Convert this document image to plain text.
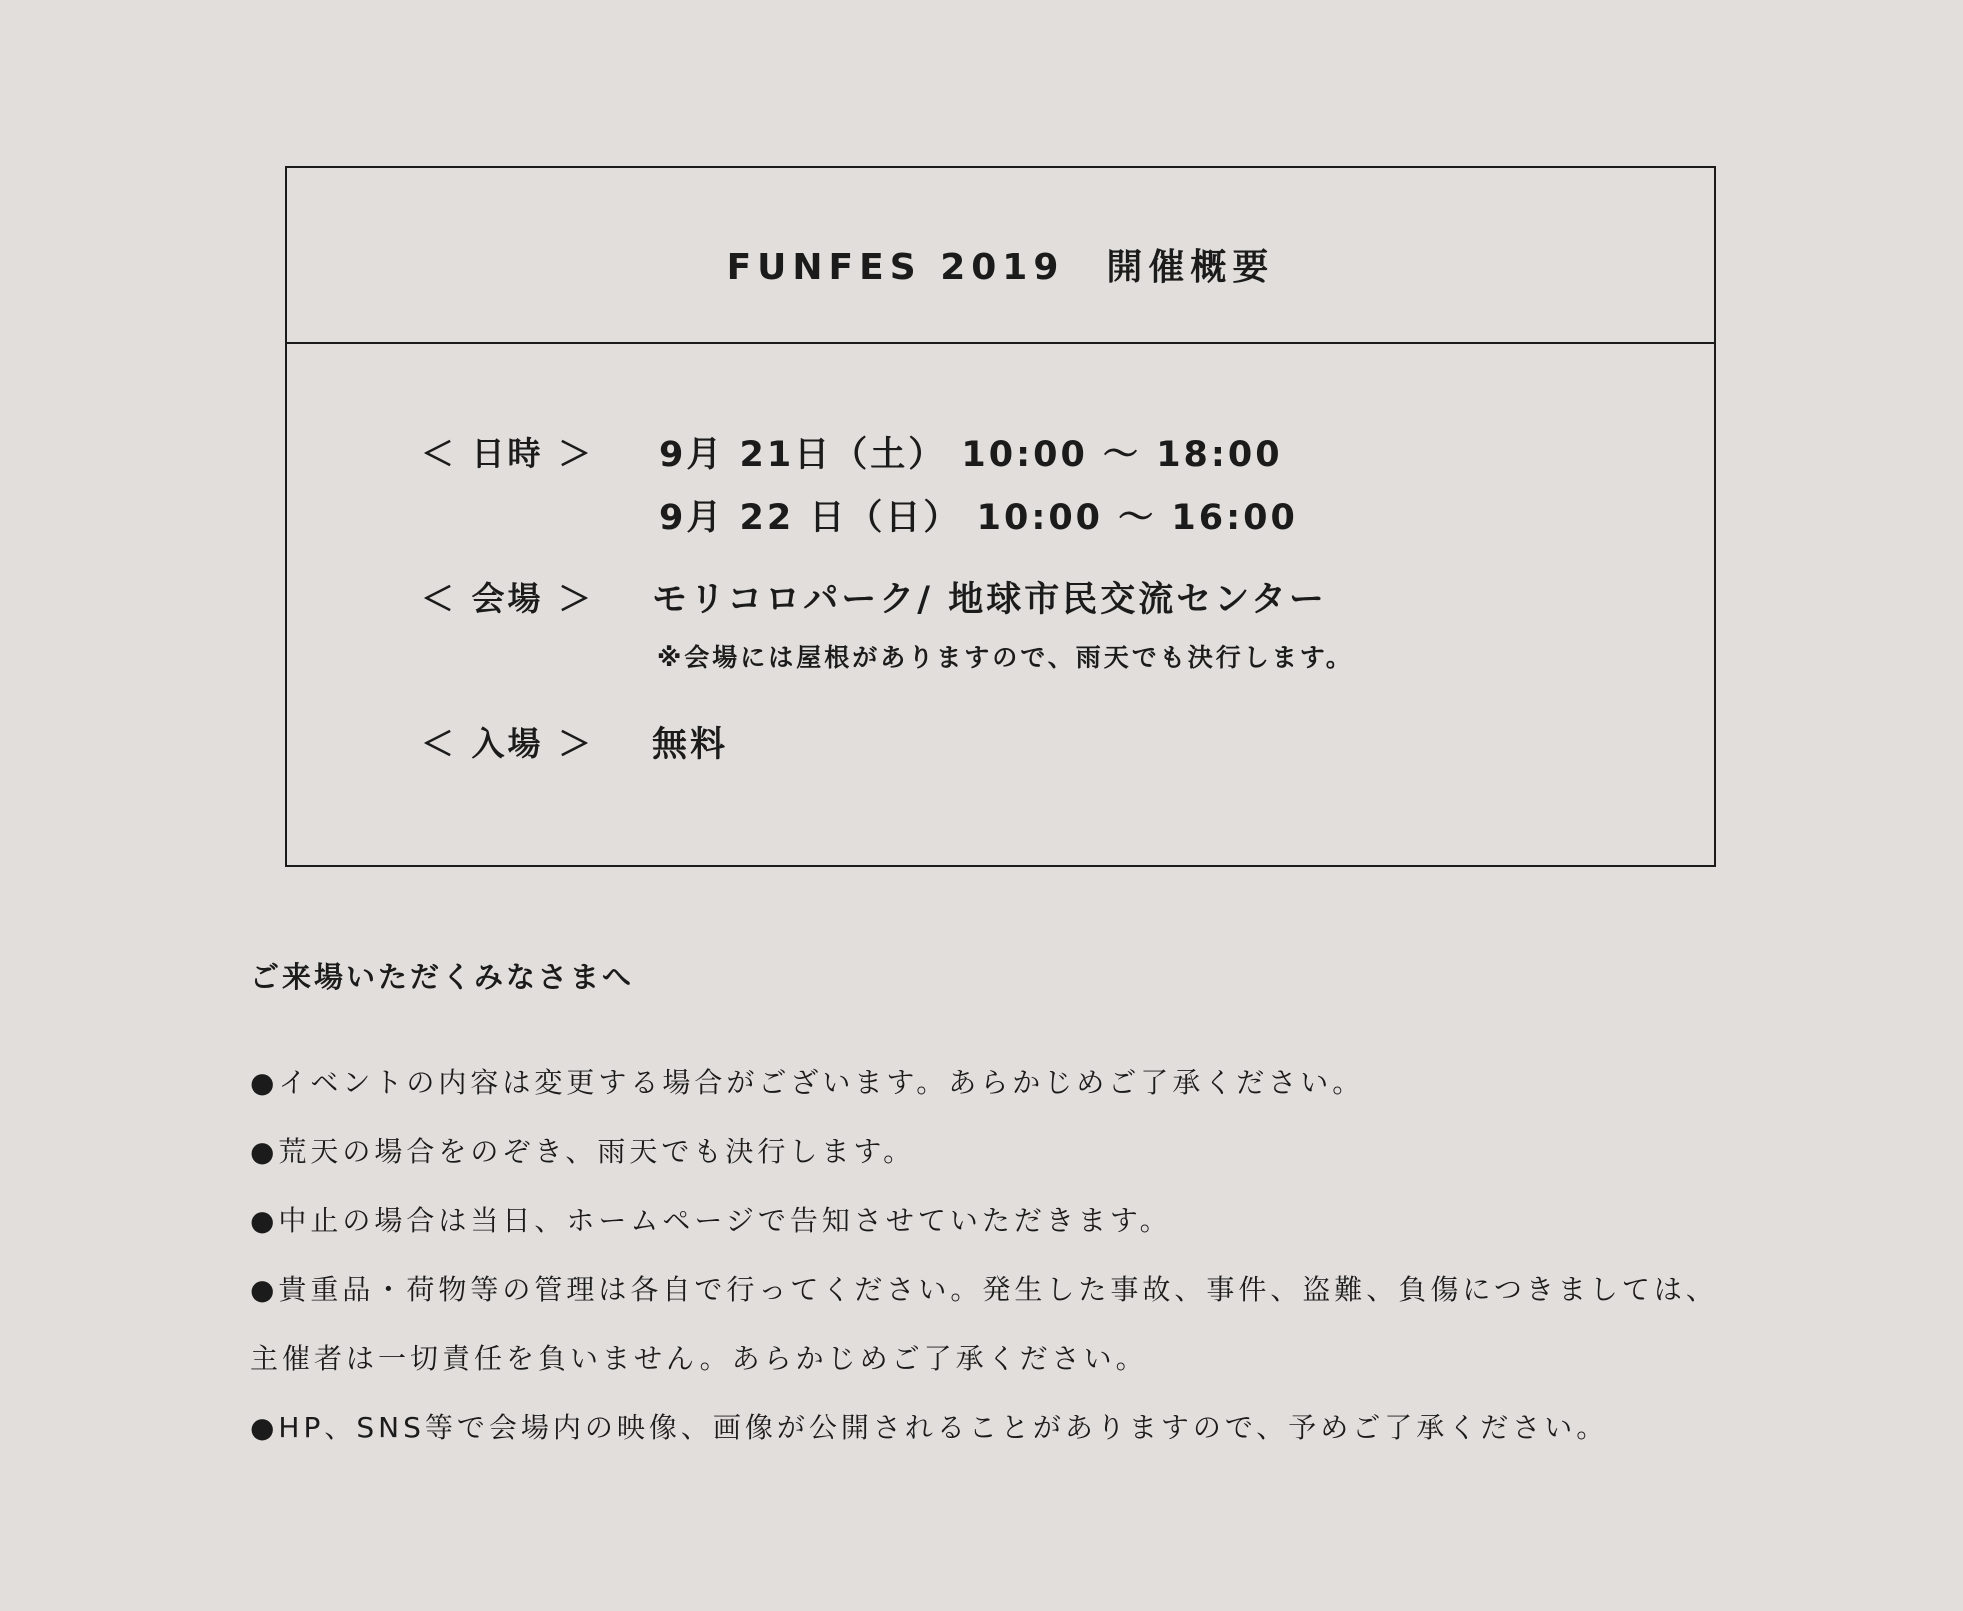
FUNFES 2019　開催概要
＜ 日時 ＞ 9月 21日（土） 10:00 〜 18:00
9月 22 日（日） 10:00 〜 16:00
＜ 会場 ＞ モリコロパーク/ 地球市民交流センター
※会場には屋根がありますので、雨天でも決行します。
＜ 入場 ＞ 無料
ご来場いただくみなさまへ
●イベントの内容は変更する場合がございます。あらかじめご了承ください。
●荒天の場合をのぞき、雨天でも決行します。
●中止の場合は当日、ホームページで告知させていただきます。
●貴重品・荷物等の管理は各自で行ってください。発生した事故、事件、盗難、負傷につきましては、
主催者は一切責任を負いません。あらかじめご了承ください。
●HP、SNS等で会場内の映像、画像が公開されることがありますので、予めご了承ください。
